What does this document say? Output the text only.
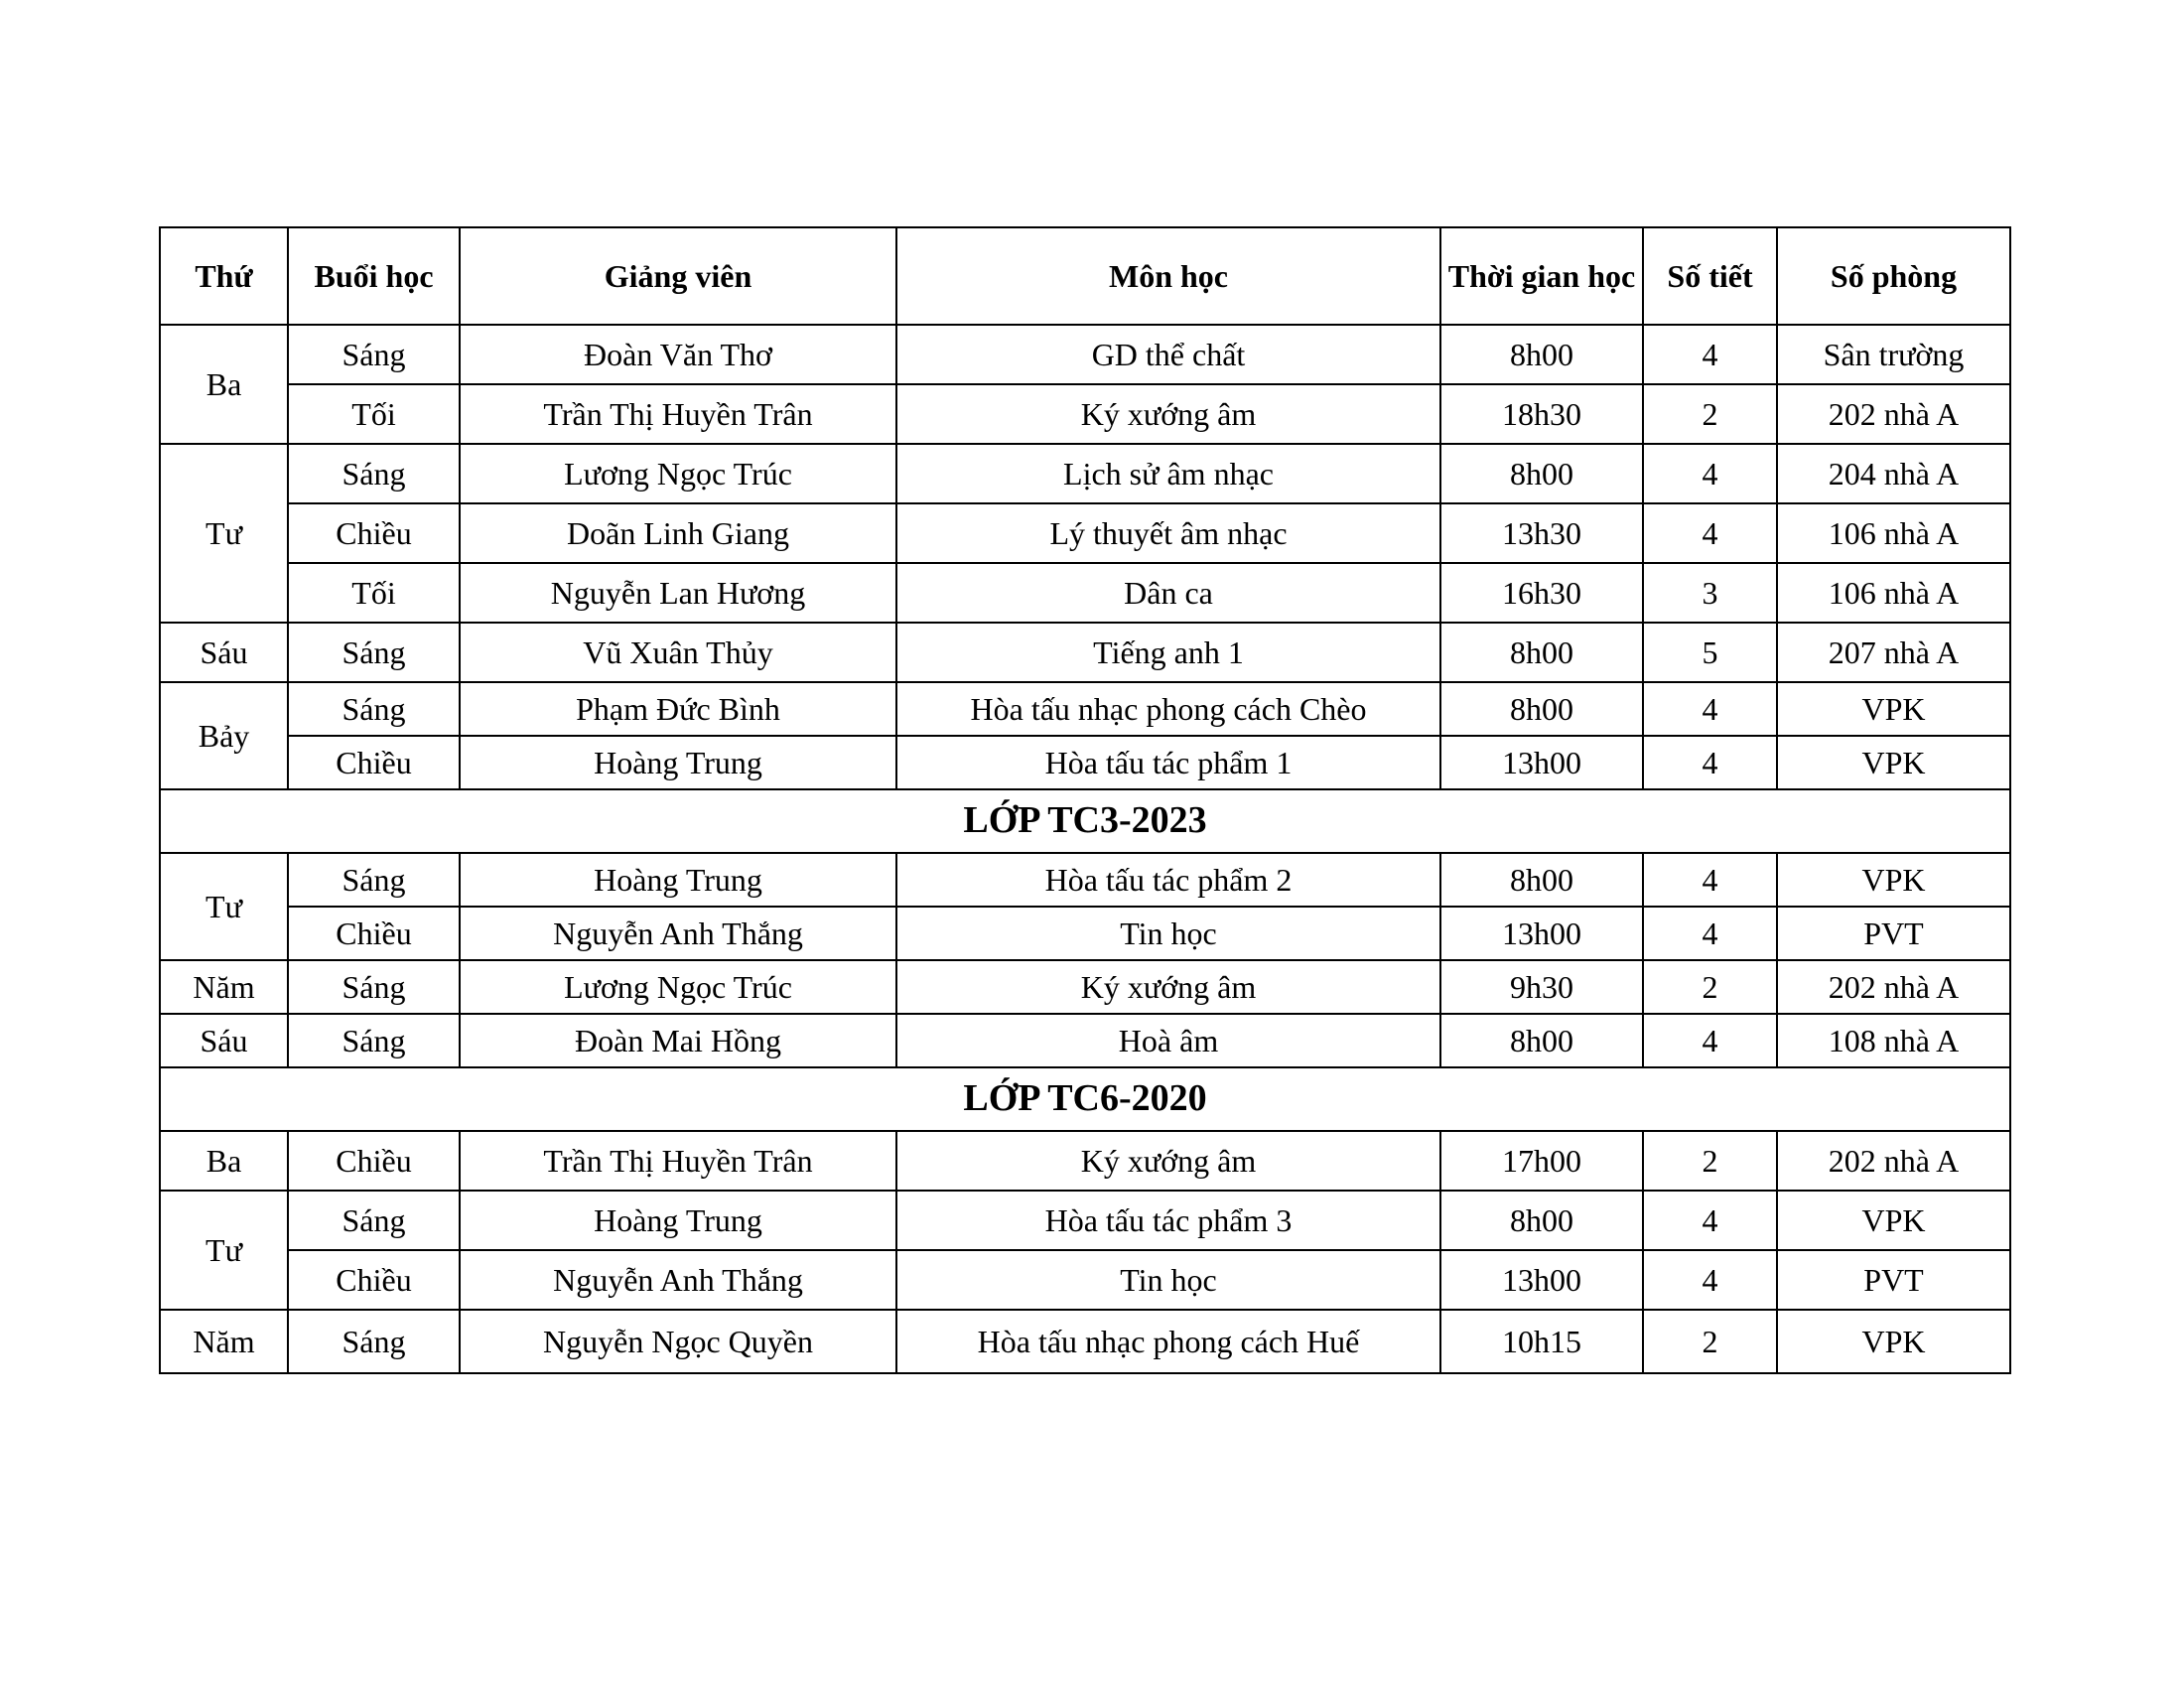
Thứ	Buổi học	Giảng viên	Môn học	Thời gian học	Số tiết	Số phòng
Ba	Sáng	Đoàn Văn Thơ	GD thể chất	8h00	4	Sân trường
	Tối	Trần Thị Huyền Trân	Ký xướng âm	18h30	2	202 nhà A
Tư	Sáng	Lương Ngọc Trúc	Lịch sử âm nhạc	8h00	4	204 nhà A
	Chiều	Doãn Linh Giang	Lý thuyết âm nhạc	13h30	4	106 nhà A
	Tối	Nguyễn Lan Hương	Dân ca	16h30	3	106 nhà A
Sáu	Sáng	Vũ Xuân Thủy	Tiếng anh 1	8h00	5	207 nhà A
Bảy	Sáng	Phạm Đức Bình	Hòa tấu nhạc phong cách Chèo	8h00	4	VPK
	Chiều	Hoàng Trung	Hòa tấu tác phẩm 1	13h00	4	VPK
LỚP TC3-2023						
Tư	Sáng	Hoàng Trung	Hòa tấu tác phẩm 2	8h00	4	VPK
	Chiều	Nguyễn Anh Thắng	Tin học	13h00	4	PVT
Năm	Sáng	Lương Ngọc Trúc	Ký xướng âm	9h30	2	202 nhà A
Sáu	Sáng	Đoàn Mai Hồng	Hoà âm	8h00	4	108 nhà A
LỚP TC6-2020						
Ba	Chiều	Trần Thị Huyền Trân	Ký xướng âm	17h00	2	202 nhà A
Tư	Sáng	Hoàng Trung	Hòa tấu tác phẩm 3	8h00	4	VPK
	Chiều	Nguyễn Anh Thắng	Tin học	13h00	4	PVT
Năm	Sáng	Nguyễn Ngọc Quyền	Hòa tấu nhạc phong cách Huế	10h15	2	VPK
